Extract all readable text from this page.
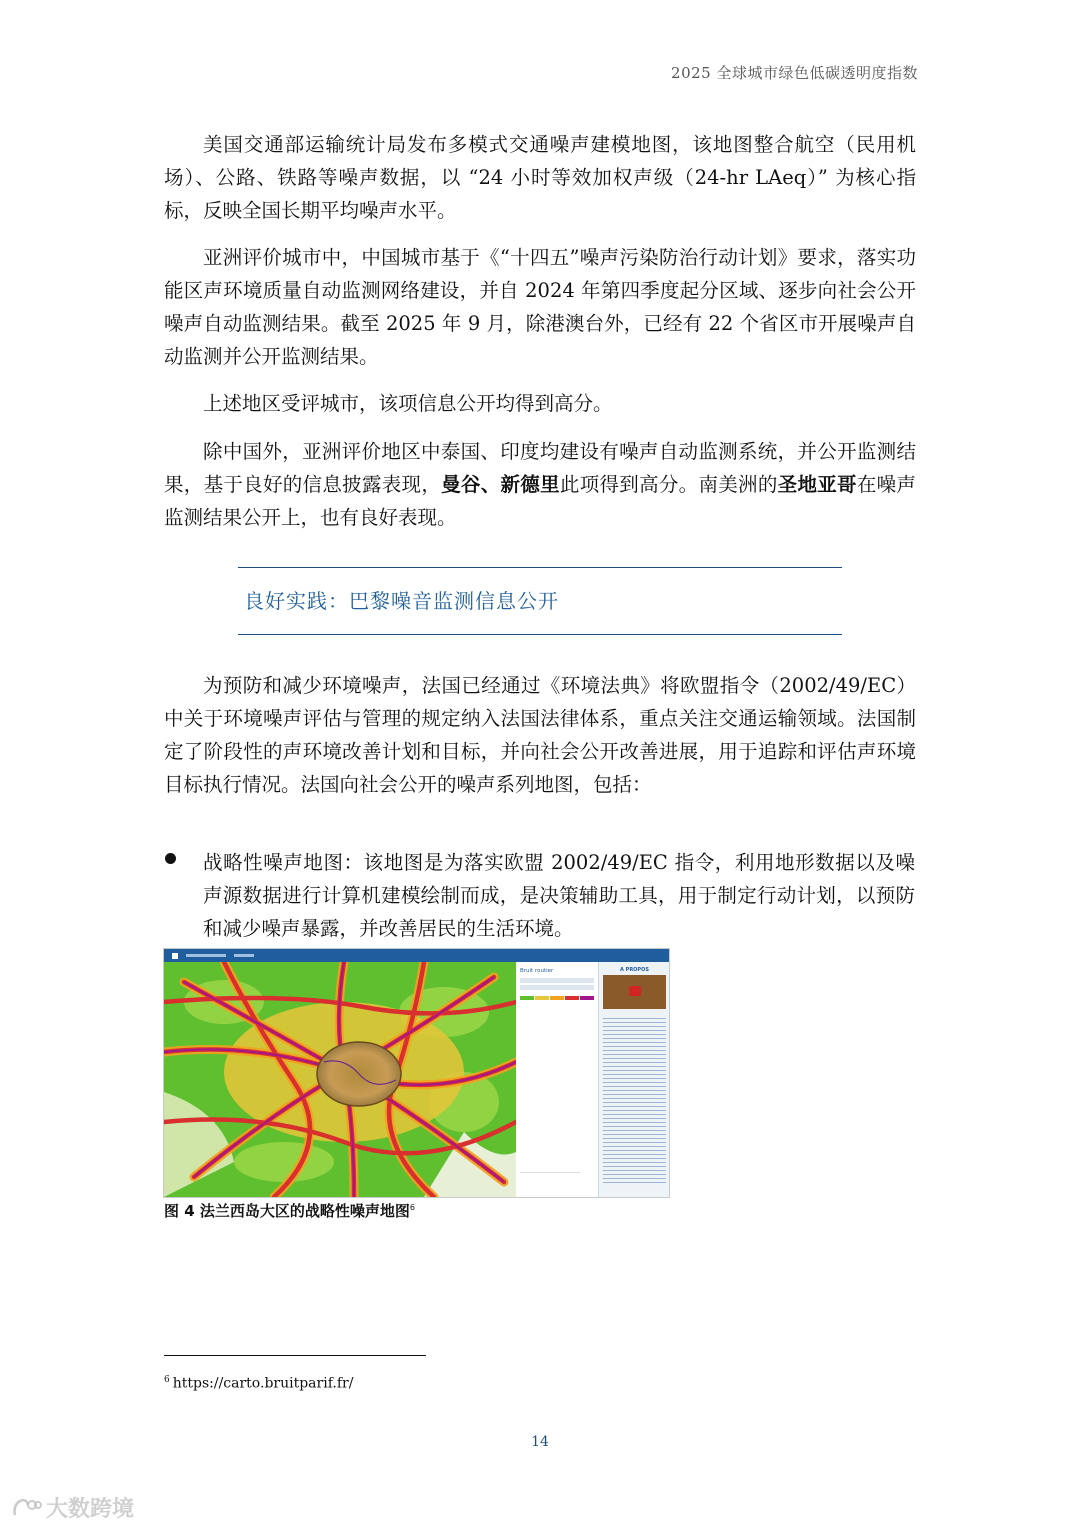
2025 全球城市绿色低碳透明度指数

美国交通部运输统计局发布多模式交通噪声建模地图，该地图整合航空（民用机场）、公路、铁路等噪声数据，以 “24 小时等效加权声级（24-hr LAeq）” 为核心指标，反映全国长期平均噪声水平。

亚洲评价城市中，中国城市基于《“十四五”噪声污染防治行动计划》要求，落实功能区声环境质量自动监测网络建设，并自 2024 年第四季度起分区域、逐步向社会公开噪声自动监测结果。截至 2025 年 9 月，除港澳台外，已经有 22 个省区市开展噪声自动监测并公开监测结果。

上述地区受评城市，该项信息公开均得到高分。

除中国外，亚洲评价地区中泰国、印度均建设有噪声自动监测系统，并公开监测结果，基于良好的信息披露表现，曼谷、新德里此项得到高分。南美洲的圣地亚哥在噪声监测结果公开上，也有良好表现。

良好实践：巴黎噪音监测信息公开

为预防和减少环境噪声，法国已经通过《环境法典》将欧盟指令（2002/49/EC）中关于环境噪声评估与管理的规定纳入法国法律体系，重点关注交通运输领域。法国制定了阶段性的声环境改善计划和目标，并向社会公开改善进展，用于追踪和评估声环境目标执行情况。法国向社会公开的噪声系列地图，包括：

战略性噪声地图：该地图是为落实欧盟 2002/49/EC 指令，利用地形数据以及噪声源数据进行计算机建模绘制而成，是决策辅助工具，用于制定行动计划，以预防和减少噪声暴露，并改善居民的生活环境。

Bruit routier	A PROPOS
图 4 法兰西岛大区的战略性噪声地图$^6$
$^6$ https://carto.bruitparif.fr/
14
大数跨境
